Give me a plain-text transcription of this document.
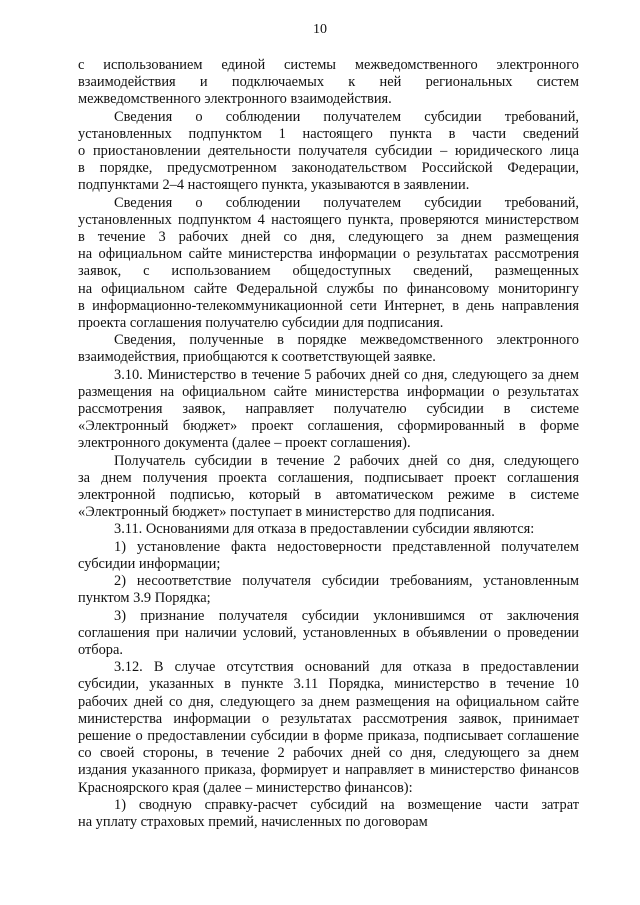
10

с использованием единой системы межведомственного электронного

взаимодействия и подключаемых к ней региональных систем

межведомственного электронного взаимодействия.

Сведения о соблюдении получателем субсидии требований,

установленных подпунктом 1 настоящего пункта в части сведений

о приостановлении деятельности получателя субсидии – юридического лица

в порядке, предусмотренном законодательством Российской Федерации,

подпунктами 2–4 настоящего пункта, указываются в заявлении.

Сведения о соблюдении получателем субсидии требований,

установленных подпунктом 4 настоящего пункта, проверяются министерством

в течение 3 рабочих дней со дня, следующего за днем размещения

на официальном сайте министерства информации о результатах рассмотрения

заявок, с использованием общедоступных сведений, размещенных

на официальном сайте Федеральной службы по финансовому мониторингу

в информационно-телекоммуникационной сети Интернет, в день направления

проекта соглашения получателю субсидии для подписания.

Сведения, полученные в порядке межведомственного электронного

взаимодействия, приобщаются к соответствующей заявке.

3.10. Министерство в течение 5 рабочих дней со дня, следующего за днем

размещения на официальном сайте министерства информации о результатах

рассмотрения заявок, направляет получателю субсидии в системе

«Электронный бюджет» проект соглашения, сформированный в форме

электронного документа (далее – проект соглашения).

Получатель субсидии в течение 2 рабочих дней со дня, следующего

за днем получения проекта соглашения, подписывает проект соглашения

электронной подписью, который в автоматическом режиме в системе

«Электронный бюджет» поступает в министерство для подписания.

3.11. Основаниями для отказа в предоставлении субсидии являются:

1) установление факта недостоверности представленной получателем

субсидии информации;

2) несоответствие получателя субсидии требованиям, установленным

пунктом 3.9 Порядка;

3) признание получателя субсидии уклонившимся от заключения

соглашения при наличии условий, установленных в объявлении о проведении

отбора.

3.12. В случае отсутствия оснований для отказа в предоставлении

субсидии, указанных в пункте 3.11 Порядка, министерство в течение 10

рабочих дней со дня, следующего за днем размещения на официальном сайте

министерства информации о результатах рассмотрения заявок, принимает

решение о предоставлении субсидии в форме приказа, подписывает соглашение

со своей стороны, в течение 2 рабочих дней со дня, следующего за днем

издания указанного приказа, формирует и направляет в министерство финансов

Красноярского края (далее – министерство финансов):

1) сводную справку-расчет субсидий на возмещение части затрат

на уплату страховых премий, начисленных по договорам
